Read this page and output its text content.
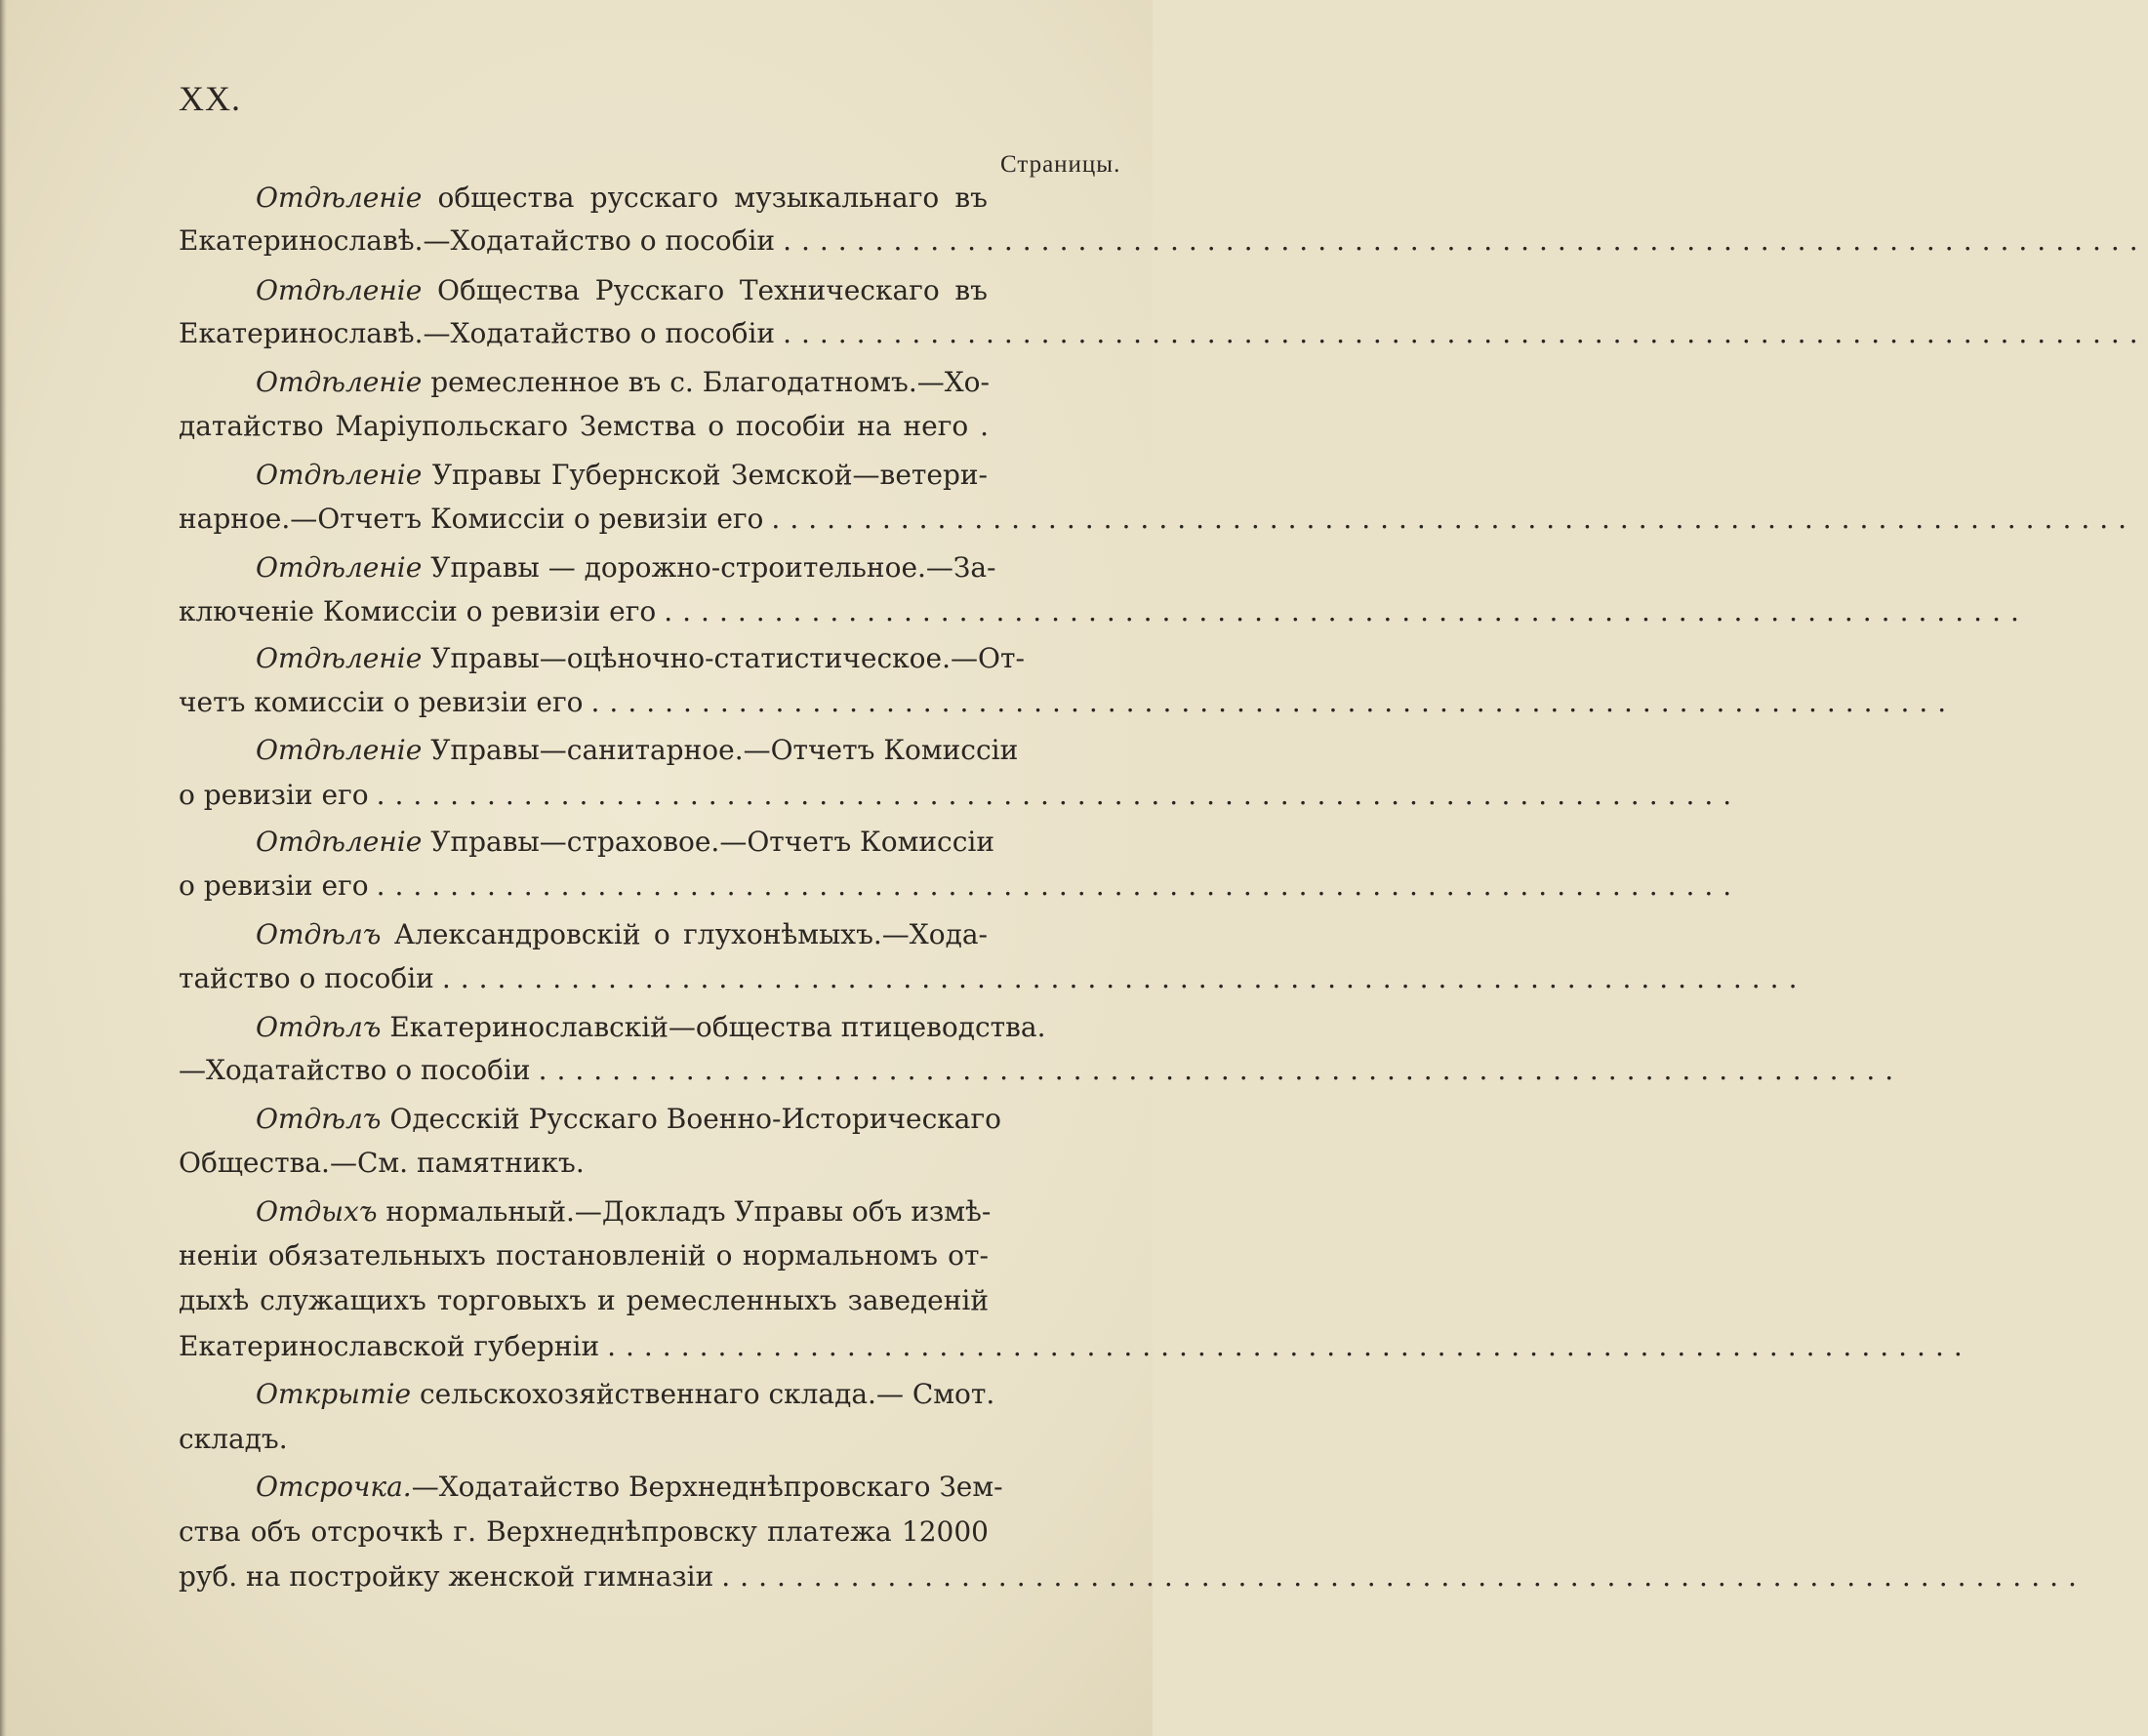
XX.
Страницы.
Отдѣленіе общества русскаго музыкальнаго въ
Екатеринославѣ.—Ходатайство о пособіи ..........................................................................
Отдѣленіе Общества Русскаго Техническаго въ
Екатеринославѣ.—Ходатайство о пособіи ..........................................................................
Отдѣленіе ремесленное въ с. Благодатномъ.—Хо-
датайство Маріупольскаго Земства о пособіи на него .
Отдѣленіе Управы Губернской Земской—ветери-
нарное.—Отчетъ Комиссіи о ревизіи его ..........................................................................
Отдѣленіе Управы — дорожно-строительное.—За-
ключеніе Комиссіи о ревизіи его ..........................................................................
Отдѣленіе Управы—оцѣночно-статистическое.—От-
четъ комиссіи о ревизіи его ..........................................................................
Отдѣленіе Управы—санитарное.—Отчетъ Комиссіи
о ревизіи его ..........................................................................
Отдѣленіе Управы—страховое.—Отчетъ Комиссіи
о ревизіи его ..........................................................................
Отдѣлъ Александровскій о глухонѣмыхъ.—Хода-
тайство о пособіи ..........................................................................
Отдѣлъ Екатеринославскій—общества птицеводства.
—Ходатайство о пособіи ..........................................................................
Отдѣлъ Одесскій Русскаго Военно-Историческаго
Общества.—См. памятникъ.
Отдыхъ нормальный.—Докладъ Управы объ измѣ-
неніи обязательныхъ постановленій о нормальномъ от-
дыхѣ служащихъ торговыхъ и ремесленныхъ заведеній
Екатеринославской губерніи ..........................................................................
Открытіе сельскохозяйственнаго склада.— Смот.
складъ.
Отсрочка.—Ходатайство Верхнеднѣпровскаго Зем-
ства объ отсрочкѣ г. Верхнеднѣпровску платежа 12000
руб. на постройку женской гимназіи ..........................................................................
